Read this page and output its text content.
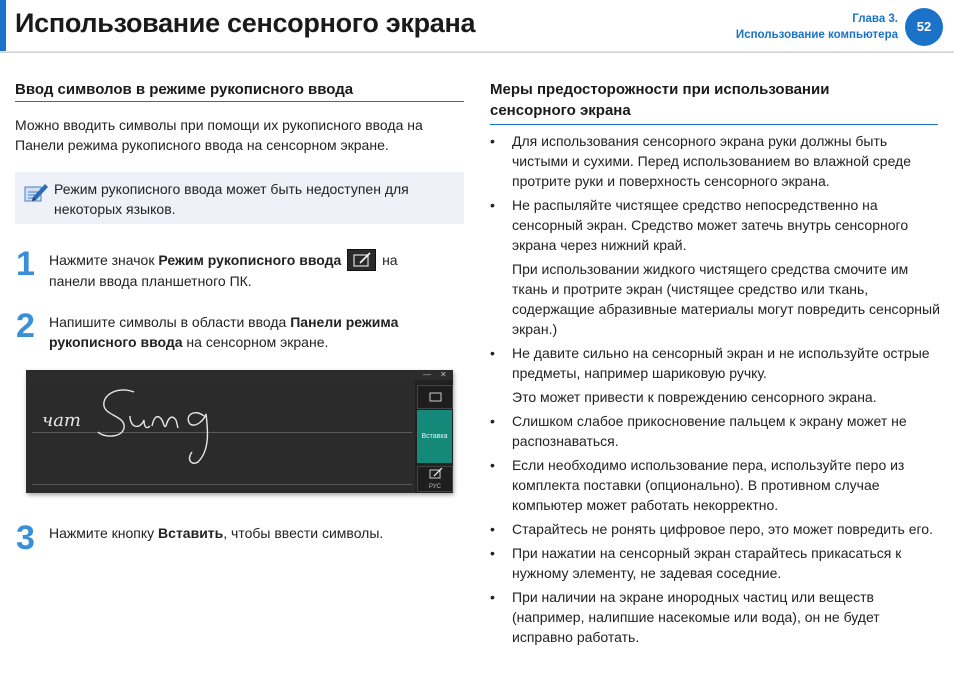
Использование сенсорного экрана	Глава 3.
Использование компьютера
52
Ввод символов в режиме рукописного ввода
Можно вводить символы при помощи их рукописного ввода на Панели режима рукописного ввода на сенсорном экране.
Режим рукописного ввода может быть недоступен для некоторых языков.
1 Нажмите значок Режим рукописного ввода	на панели ввода планшетного ПК.
2 Напишите символы в области ввода Панели режима рукописного ввода на сенсорном экране.
чат
— ✕
Вставка
РУС
3 Нажмите кнопку Вставить, чтобы ввести символы.
Меры предосторожности при использовании сенсорного экрана
• Для использования сенсорного экрана руки должны быть чистыми и сухими. Перед использованием во влажной среде протрите руки и поверхность сенсорного экрана.
• Не распыляйте чистящее средство непосредственно на сенсорный экран. Средство может затечь внутрь сенсорного экрана через нижний край.
При использовании жидкого чистящего средства смочите им ткань и протрите экран (чистящее средство или ткань, содержащие абразивные материалы могут повредить сенсорный экран.)
• Не давите сильно на сенсорный экран и не используйте острые предметы, например шариковую ручку.
Это может привести к повреждению сенсорного экрана.
• Слишком слабое прикосновение пальцем к экрану может не распознаваться.
• Если необходимо использование пера, используйте перо из комплекта поставки (опционально). В противном случае компьютер может работать некорректно.
• Старайтесь не ронять цифровое перо, это может повредить его.
• При нажатии на сенсорный экран старайтесь прикасаться к нужному элементу, не задевая соседние.
• При наличии на экране инородных частиц или веществ (например, налипшие насекомые или вода), он не будет исправно работать.
